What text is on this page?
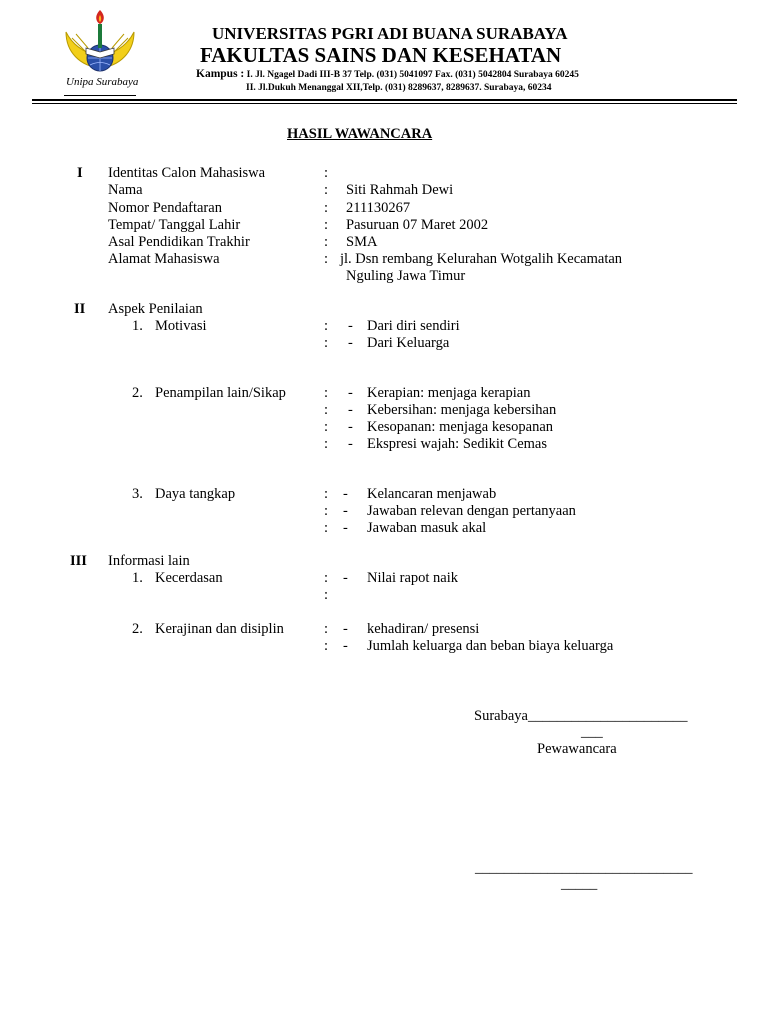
Unipa Surabaya
UNIVERSITAS PGRI ADI BUANA SURABAYA
FAKULTAS SAINS DAN KESEHATAN
Kampus : I. Jl. Ngagel Dadi III-B 37 Telp. (031) 5041097 Fax. (031) 5042804 Surabaya 60245
II. Jl.Dukuh Menanggal XII,Telp. (031) 8289637, 8289637. Surabaya, 60234
HASIL WAWANCARA
I Identitas Calon Mahasiswa	:
Nama	: Siti Rahmah Dewi
Nomor Pendaftaran	: 211130267
Tempat/ Tanggal Lahir	: Pasuruan 07 Maret 2002
Asal Pendidikan Trakhir	: SMA
Alamat Mahasiswa	: jl. Dsn rembang Kelurahan Wotgalih Kecamatan
Nguling Jawa Timur
II Aspek Penilaian
1. Motivasi	: - Dari diri sendiri
: - Dari Keluarga
2. Penampilan lain/Sikap	: - Kerapian: menjaga kerapian
: - Kebersihan: menjaga kebersihan
: - Kesopanan: menjaga kesopanan
: - Ekspresi wajah: Sedikit Cemas
3. Daya tangkap	: - Kelancaran menjawab
: - Jawaban relevan dengan pertanyaan
: - Jawaban masuk akal
III Informasi lain
1. Kecerdasan	: - Nilai rapot naik
:
2. Kerajinan dan disiplin	: - kehadiran/ presensi
: - Jumlah keluarga dan beban biaya keluarga
Surabaya______________________
___
Pewawancara
______________________________
_____
